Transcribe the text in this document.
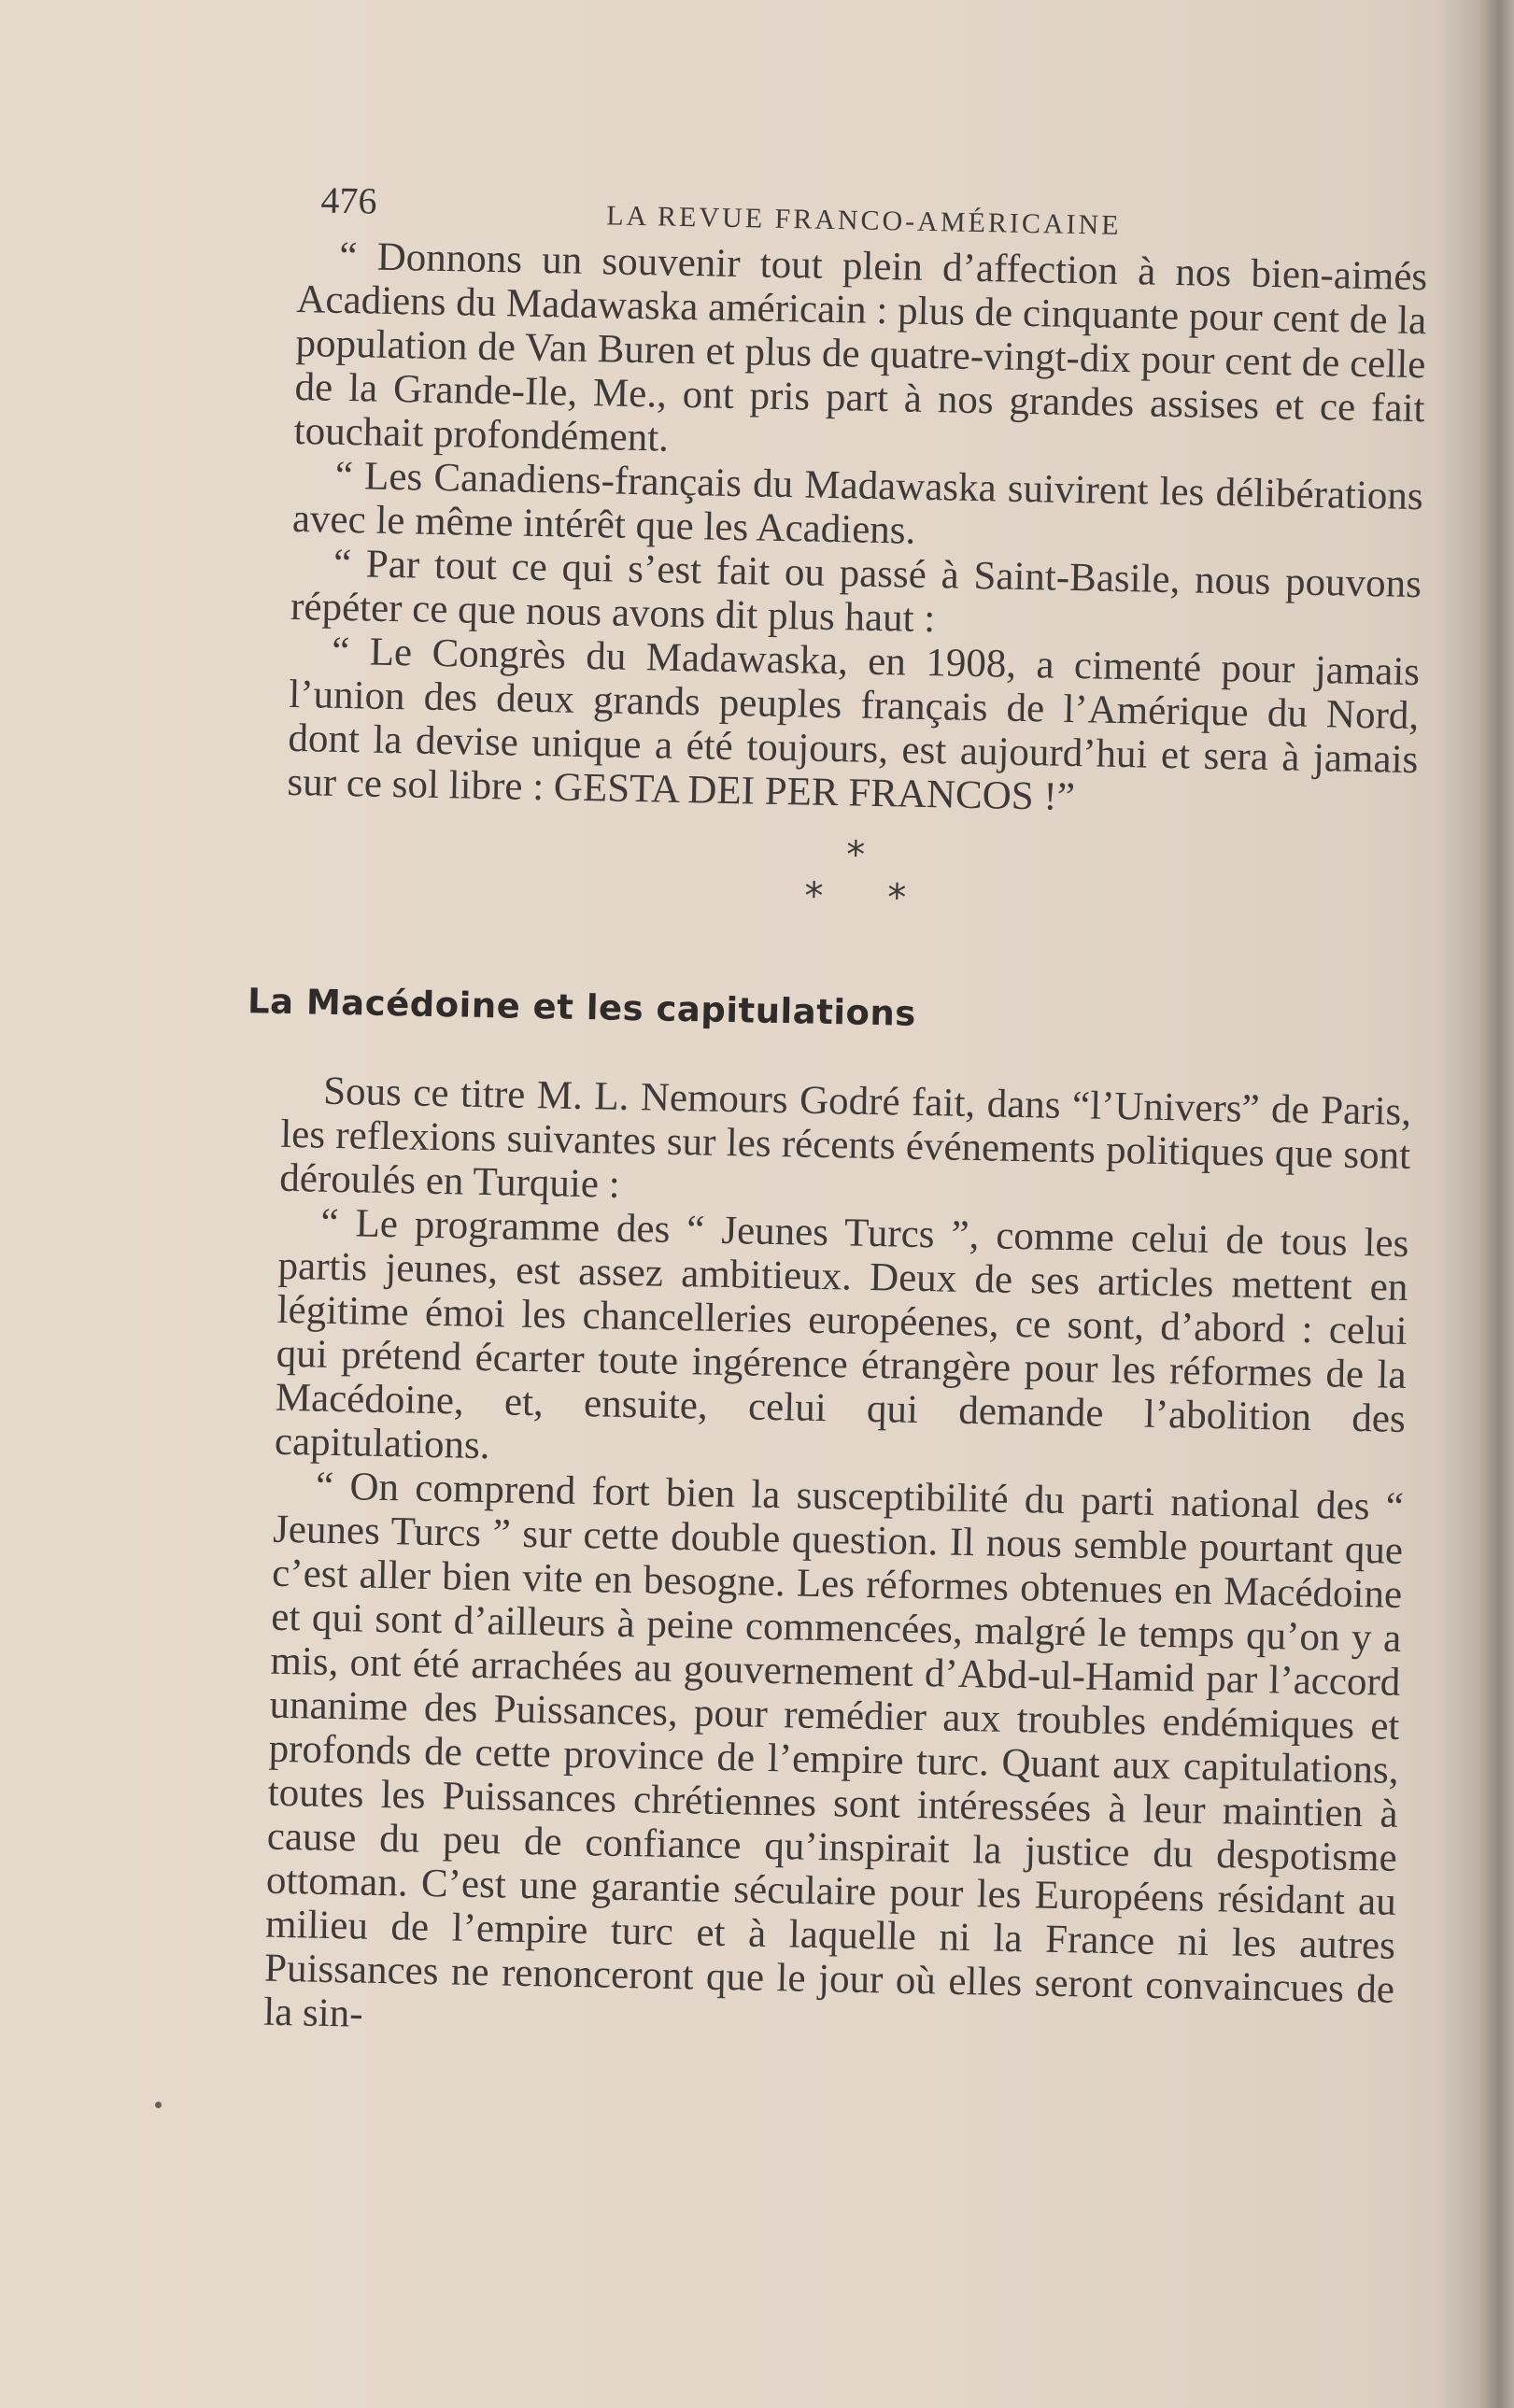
476	LA REVUE FRANCO-AMÉRICAINE

“ Donnons un souvenir tout plein d’affection à nos bien-aimés Acadiens du Madawaska américain : plus de cinquante pour cent de la population de Van Buren et plus de quatre-vingt-dix pour cent de celle de la Grande-Ile, Me., ont pris part à nos grandes assises et ce fait touchait profondément.

“ Les Canadiens-français du Madawaska suivirent les délibérations avec le même intérêt que les Acadiens.

“ Par tout ce qui s’est fait ou passé à Saint-Basile, nous pouvons répéter ce que nous avons dit plus haut :

“ Le Congrès du Madawaska, en 1908, a cimenté pour jamais l’union des deux grands peuples français de l’Amérique du Nord, dont la devise unique a été toujours, est aujourd’hui et sera à jamais sur ce sol libre : GESTA DEI PER FRANCOS !”

*
* *
La Macédoine et les capitulations

Sous ce titre M. L. Nemours Godré fait, dans “l’Univers” de Paris, les reflexions suivantes sur les récents événements politiques que sont déroulés en Turquie :

“ Le programme des “ Jeunes Turcs ”, comme celui de tous les partis jeunes, est assez ambitieux. Deux de ses articles mettent en légitime émoi les chancelleries européenes, ce sont, d’abord : celui qui prétend écarter toute ingérence étrangère pour les réformes de la Macédoine, et, ensuite, celui qui demande l’abolition des capitulations.

“ On comprend fort bien la susceptibilité du parti national des “ Jeunes Turcs ” sur cette double question. Il nous semble pourtant que c’est aller bien vite en besogne. Les réformes obtenues en Macédoine et qui sont d’ailleurs à peine commencées, malgré le temps qu’on y a mis, ont été arrachées au gouvernement d’Abd-ul-Hamid par l’accord unanime des Puissances, pour remédier aux troubles endémiques et profonds de cette province de l’empire turc. Quant aux capitulations, toutes les Puissances chrétiennes sont intéressées à leur maintien à cause du peu de confiance qu’inspirait la justice du despotisme ottoman. C’est une garantie séculaire pour les Européens résidant au milieu de l’empire turc et à laquelle ni la France ni les autres Puissances ne renonceront que le jour où elles seront convaincues de la sin-
